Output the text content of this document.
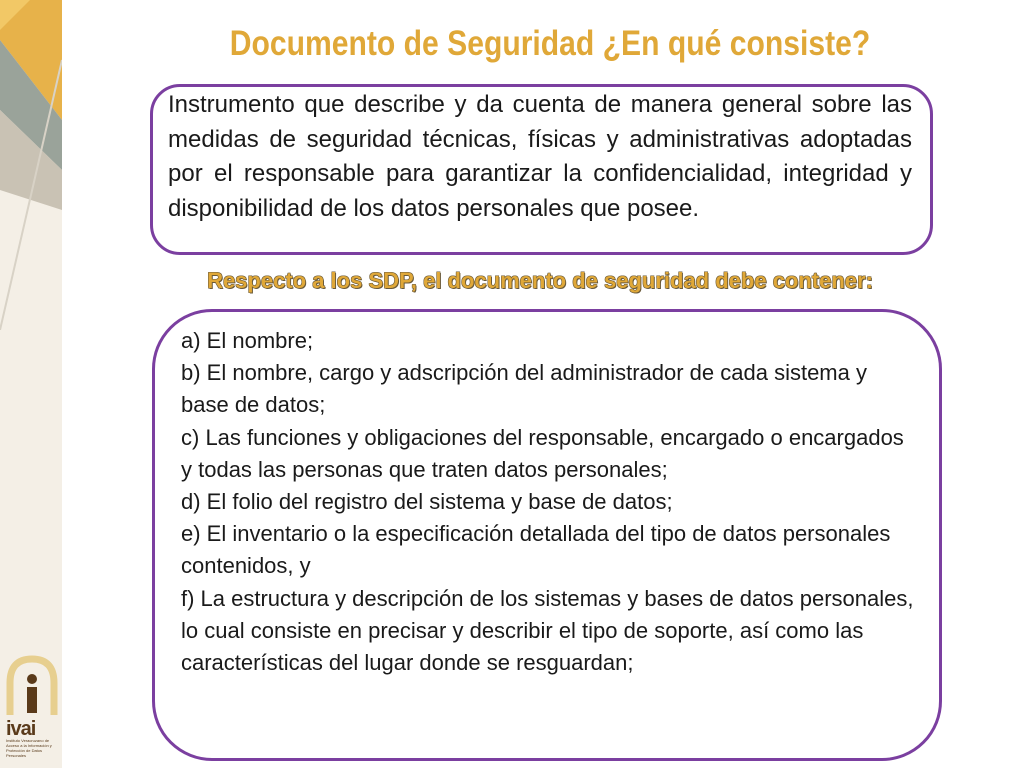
Documento de Seguridad ¿En qué consiste?

Instrumento que describe y da cuenta de manera general sobre las medidas de seguridad técnicas, físicas y administrativas adoptadas por el responsable para garantizar la confidencialidad, integridad y disponibilidad de los datos personales que posee.

Respecto a los SDP, el documento de seguridad debe contener:

a) El nombre;
b) El nombre, cargo y adscripción del administrador de cada sistema y base de datos;
c) Las funciones y obligaciones del responsable, encargado o encargados y todas las personas que traten datos personales;
d) El folio del registro del sistema y base de datos;
e) El inventario o la especificación detallada del tipo de datos personales contenidos, y
f) La estructura y descripción de los sistemas y bases de datos personales, lo cual consiste en precisar y describir el tipo de soporte, así como las características del lugar donde se resguardan;

ivai

Instituto Veracruzano de Acceso a la Información y Protección de Datos Personales
